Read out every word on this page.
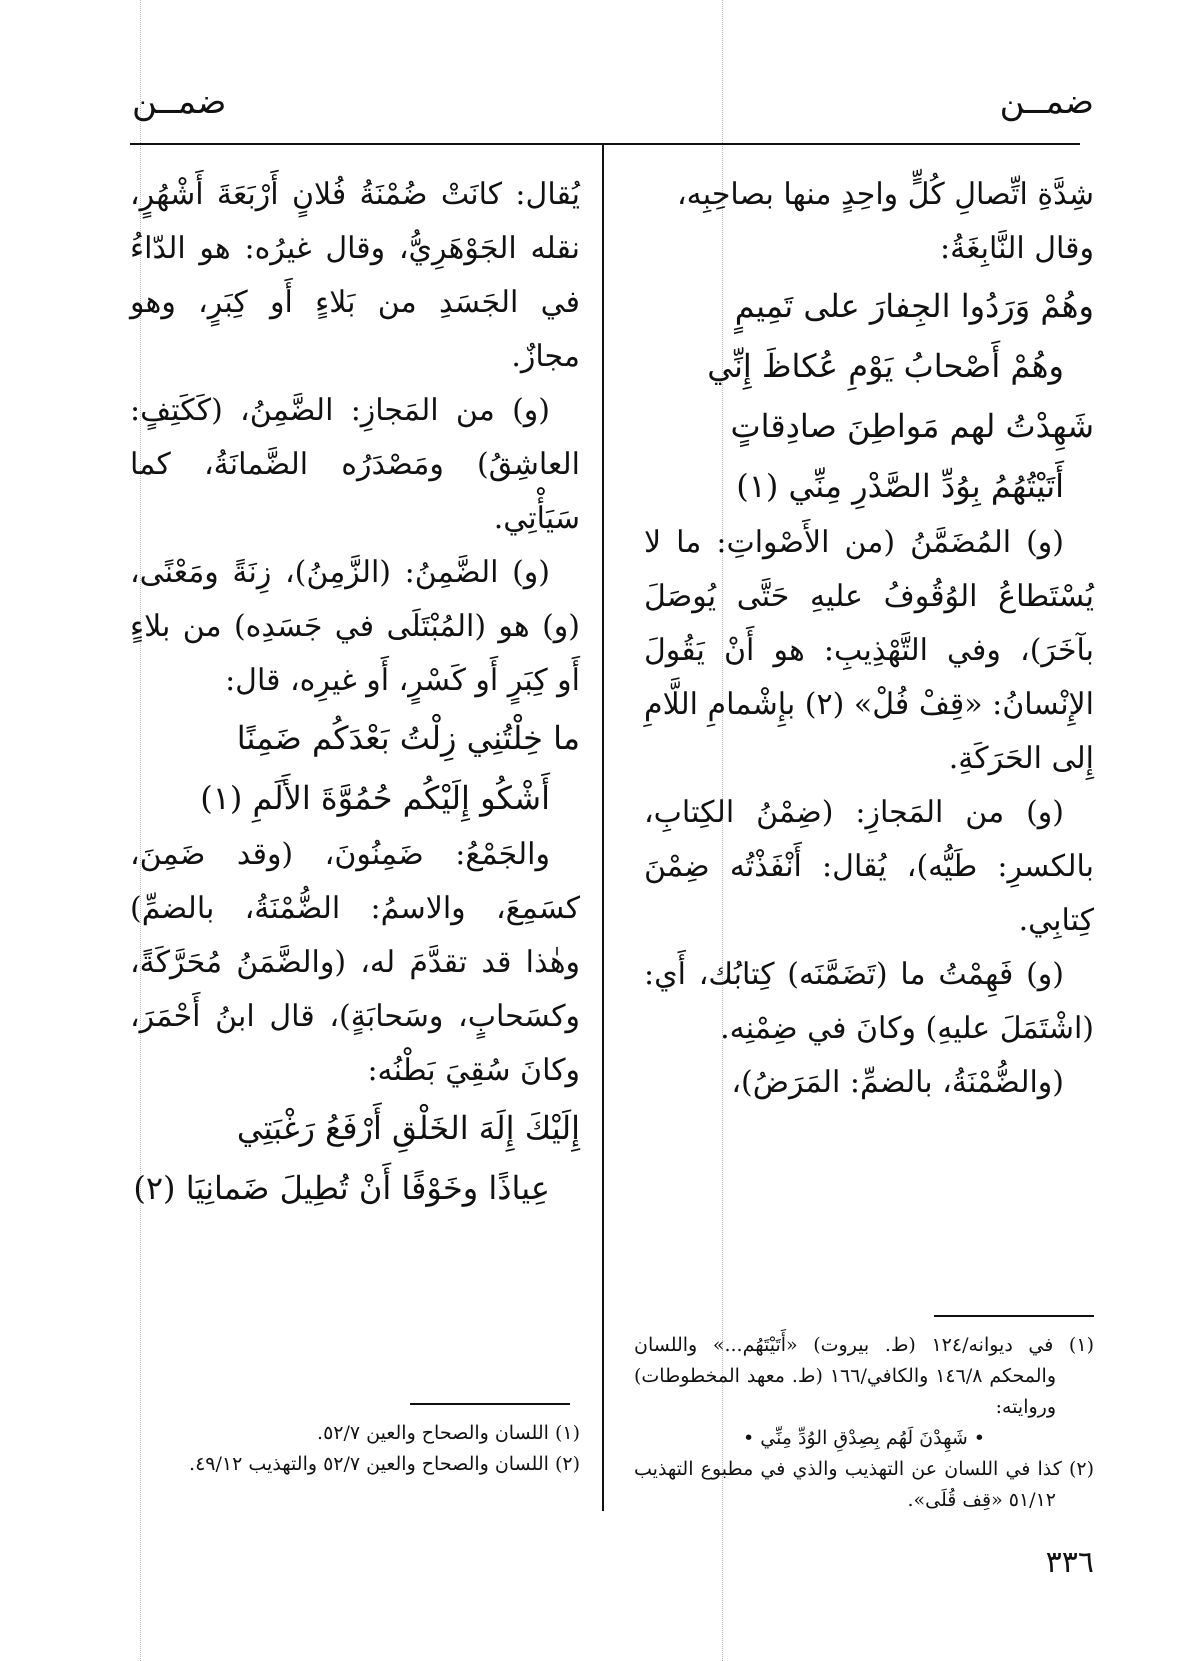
ضمــن
ضمــن

شِدَّةِ اتِّصالِ كُلٍّ واحِدٍ منها بصاحِبِه،

وقال النَّابِغَةُ:

وهُمْ وَرَدُوا الجِفارَ على تَمِيمٍ

وهُمْ أَصْحابُ يَوْمِ عُكاظَ إِنِّي

شَهِدْتُ لهم مَواطِنَ صادِقاتٍ

أَتَيْتُهُمُ بِوُدِّ الصَّدْرِ مِنِّي (١)

(و) المُضَمَّنُ (من الأَصْواتِ: ما لا يُسْتَطاعُ الوُقُوفُ عليهِ حَتَّى يُوصَلَ بآخَرَ)، وفي التَّهْذِيبِ: هو أَنْ يَقُولَ الإِنْسانُ: «قِفْ فُلْ» (٢) بإِشْمامِ اللَّامِ إِلى الحَرَكَةِ.

(و) من المَجازِ: (ضِمْنُ الكِتابِ، بالكسرِ: طَيُّه)، يُقال: أَنْفَذْتُه ضِمْنَ كِتابِي.

(و) فَهِمْتُ ما (تَضَمَّنَه) كِتابُك، أَي: (اشْتَمَلَ عليهِ) وكانَ في ضِمْنِه.

(والضُّمْنَةُ، بالضمِّ: المَرَضُ)،

يُقال: كانَتْ ضُمْنَةُ فُلانٍ أَرْبَعَةَ أَشْهُرٍ، نقله الجَوْهَرِيُّ، وقال غيرُه: هو الدّاءُ في الجَسَدِ من بَلاءٍ أَو كِبَرٍ، وهو مجازٌ.

(و) من المَجازِ: الضَّمِنُ، (كَكَتِفٍ: العاشِقُ) ومَصْدَرُه الضَّمانَةُ، كما سَيَأْتِي.

(و) الضَّمِنُ: (الزَّمِنُ)، زِنَةً ومَعْنًى، (و) هو (المُبْتَلَى في جَسَدِه) من بلاءٍ أَو كِبَرٍ أَو كَسْرٍ، أَو غيرِه، قال:

ما خِلْتُنِي زِلْتُ بَعْدَكُم ضَمِنًا

أَشْكُو إِلَيْكُم حُمُوَّةَ الأَلَمِ (١)

والجَمْعُ: ضَمِنُونَ، (وقد ضَمِنَ، كسَمِعَ، والاسمُ: الضُّمْنَةُ، بالضمِّ) وهٰذا قد تقدَّمَ له، (والضَّمَنُ مُحَرَّكَةً، وكسَحابٍ، وسَحابَةٍ)، قال ابنُ أَحْمَرَ، وكانَ سُقِيَ بَطْنُه:

إِلَيْكَ إِلَهَ الخَلْقِ أَرْفَعُ رَغْبَتِي

عِياذًا وخَوْفًا أَنْ تُطِيلَ ضَمانِيَا (٢)

(١) في ديوانه/١٢٤ (ط. بيروت) «أَتَيْتَهُم...» واللسان والمحكم ١٤٦/٨ والكافي/١٦٦ (ط. معهد المخطوطات) وروايته:

• شَهِدْنَ لَهُم بِصِدْقِ الوُدِّ مِنِّي •

(٢) كذا في اللسان عن التهذيب والذي في مطبوع التهذيب ٥١/١٢ «قِف قُلَى».

(١) اللسان والصحاح والعين ٥٢/٧.

(٢) اللسان والصحاح والعين ٥٢/٧ والتهذيب ٤٩/١٢.

٣٣٦
